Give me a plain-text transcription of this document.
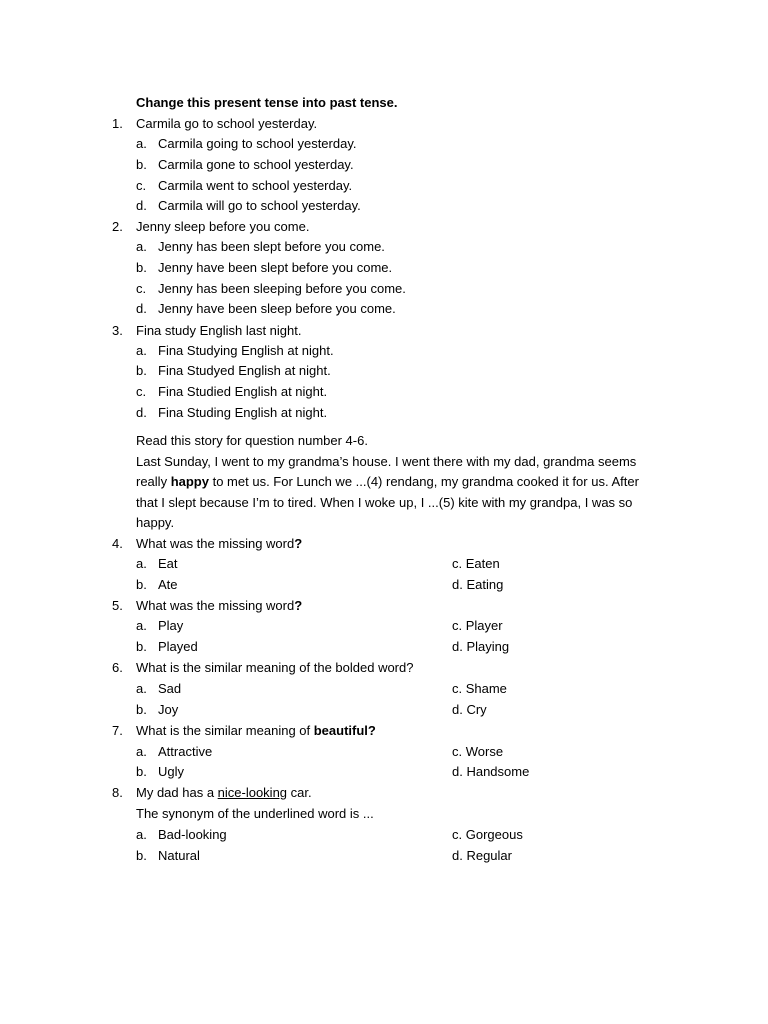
Change this present tense into past tense.
1. Carmila go to school yesterday.
a. Carmila going to school yesterday.
b. Carmila gone to school yesterday.
c. Carmila went to school yesterday.
d. Carmila will go to school yesterday.
2. Jenny sleep before you come.
a. Jenny has been slept before you come.
b. Jenny have been slept before you come.
c. Jenny has been sleeping before you come.
d. Jenny have been sleep before you come.
3. Fina study English last night.
a. Fina Studying English at night.
b. Fina Studyed English at night.
c. Fina Studied English at night.
d. Fina Studing English at night.
Read this story for question number 4-6.
Last Sunday, I went to my grandma’s house. I went there with my dad, grandma seems
really happy to met us. For Lunch we ...(4) rendang, my grandma cooked it for us. After
that I slept because I’m to tired. When I woke up, I ...(5) kite with my grandpa, I was so
happy.
4. What was the missing word?
a. Eat	c. Eaten
b. Ate	d. Eating
5. What was the missing word?
a. Play	c. Player
b. Played	d. Playing
6. What is the similar meaning of the bolded word?
a. Sad	c. Shame
b. Joy	d. Cry
7. What is the similar meaning of beautiful?
a. Attractive	c. Worse
b. Ugly	d. Handsome
8. My dad has a nice-looking car.
The synonym of the underlined word is ...
a. Bad-looking	c. Gorgeous
b. Natural	d. Regular
